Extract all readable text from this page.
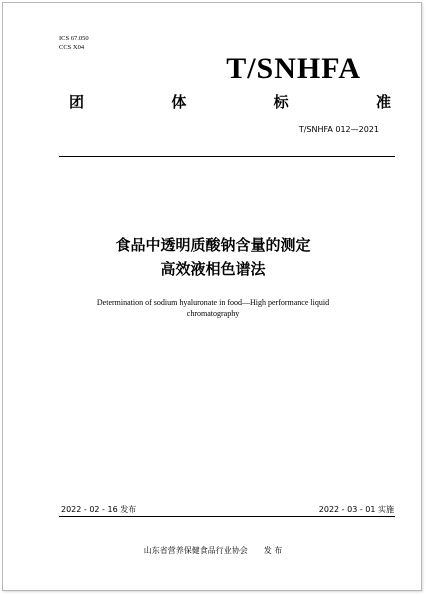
ICS 67.050
CCS X04
T/SNHFA
团	体	标	准
T/SNHFA 012—2021
食品中透明质酸钠含量的测定
高效液相色谱法
Determination of sodium hyaluronate in food—High performance liquid
chromatography
2022 - 02 - 16 发布	2022 - 03 - 01 实施
山东省营养保健食品行业协会　　发 布
